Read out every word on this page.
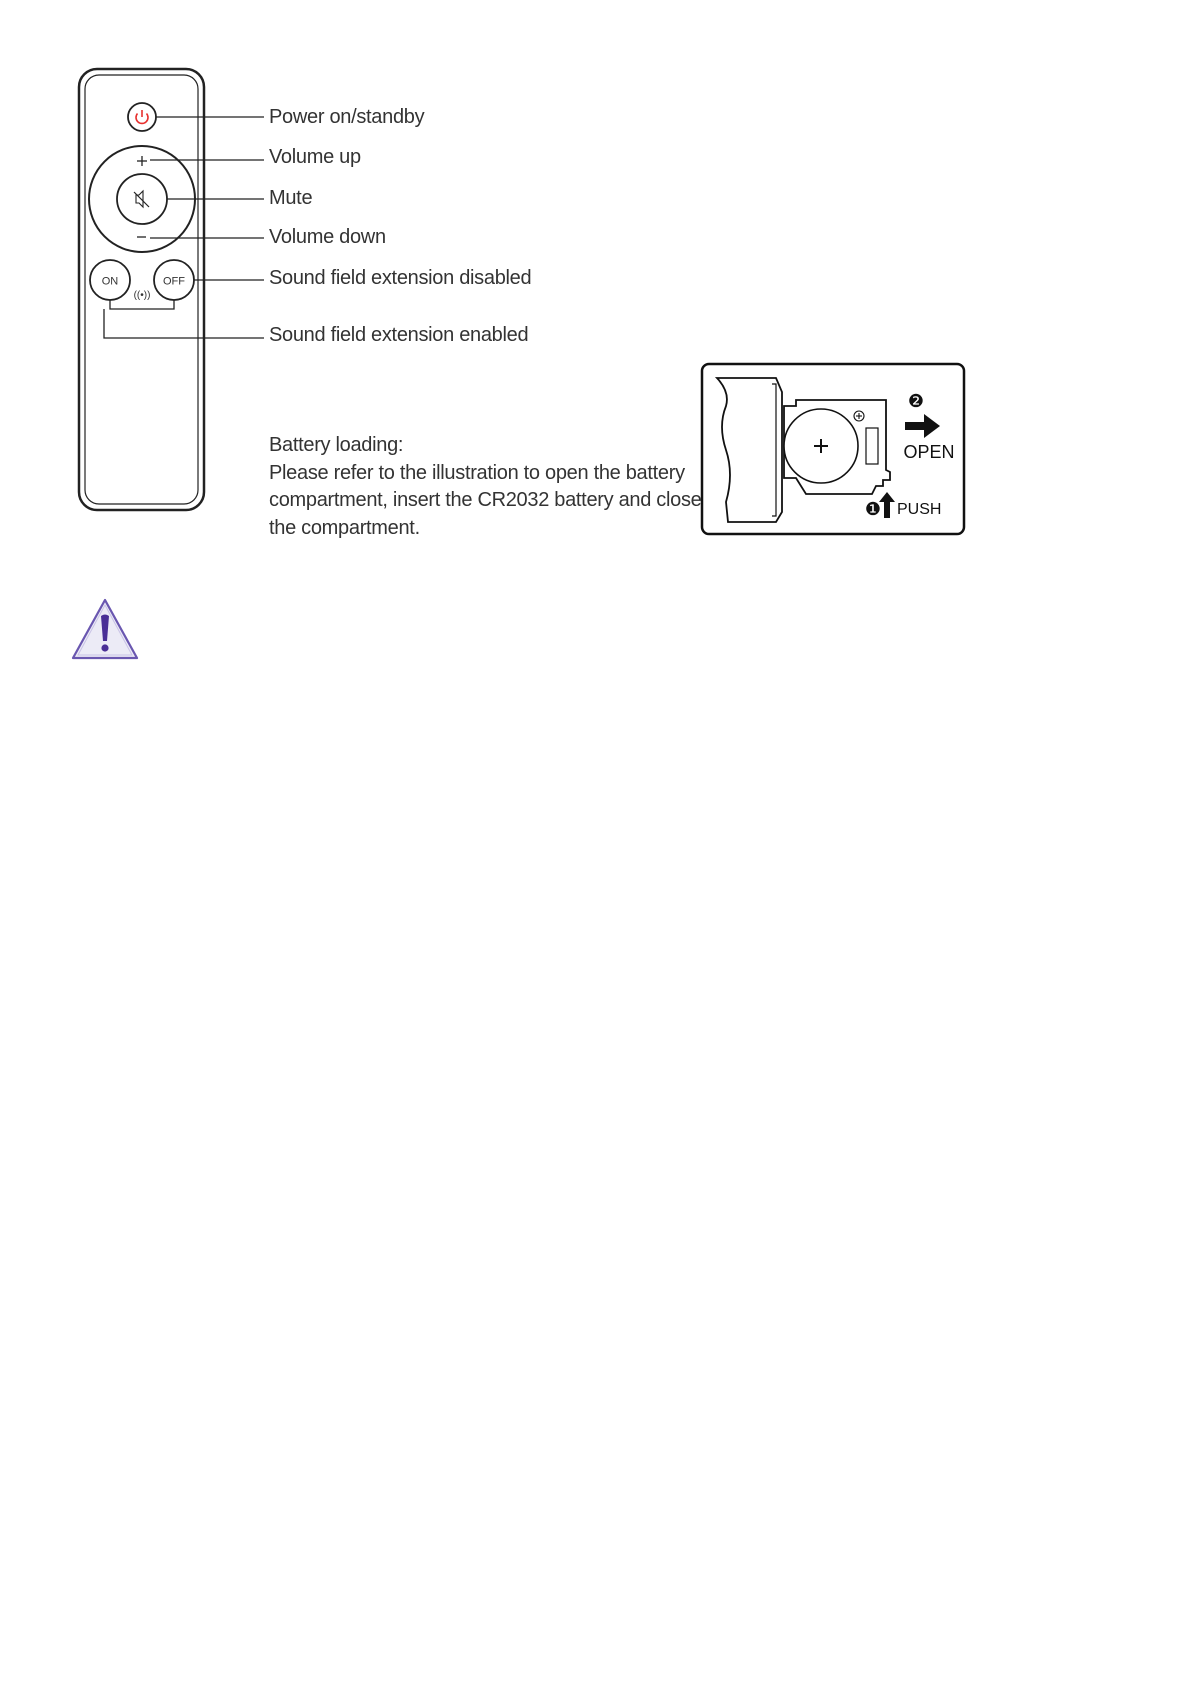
ON	OFF
((•))
Power on/standby
Volume up
Mute
Volume down
Sound field extension disabled
Sound field extension enabled
Battery loading:
Please refer to the illustration to open the battery
compartment, insert the CR2032 battery and close
the compartment.
❷
OPEN
❶ PUSH
